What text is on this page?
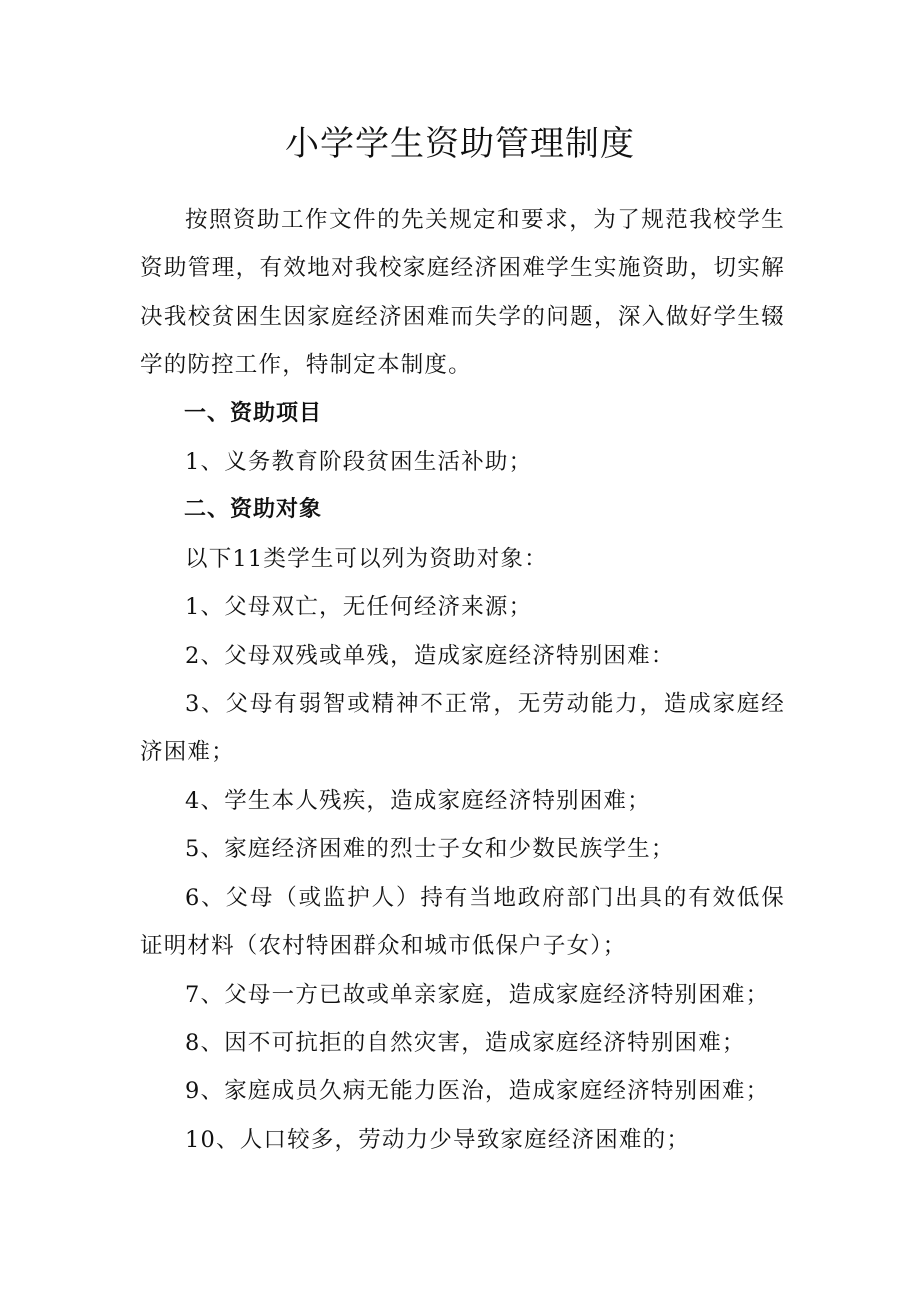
小学学生资助管理制度

按照资助工作文件的先关规定和要求，为了规范我校学生资助管理，有效地对我校家庭经济困难学生实施资助，切实解决我校贫困生因家庭经济困难而失学的问题，深入做好学生辍学的防控工作，特制定本制度。

一、资助项目

1、义务教育阶段贫困生活补助；

二、资助对象

以下11类学生可以列为资助对象：

1、父母双亡，无任何经济来源；

2、父母双残或单残，造成家庭经济特别困难：

3、父母有弱智或精神不正常，无劳动能力，造成家庭经济困难；

4、学生本人残疾，造成家庭经济特别困难；

5、家庭经济困难的烈士子女和少数民族学生；

6、父母（或监护人）持有当地政府部门出具的有效低保证明材料（农村特困群众和城市低保户子女）；

7、父母一方已故或单亲家庭，造成家庭经济特别困难；

8、因不可抗拒的自然灾害，造成家庭经济特别困难；

9、家庭成员久病无能力医治，造成家庭经济特别困难；

10、人口较多，劳动力少导致家庭经济困难的；
